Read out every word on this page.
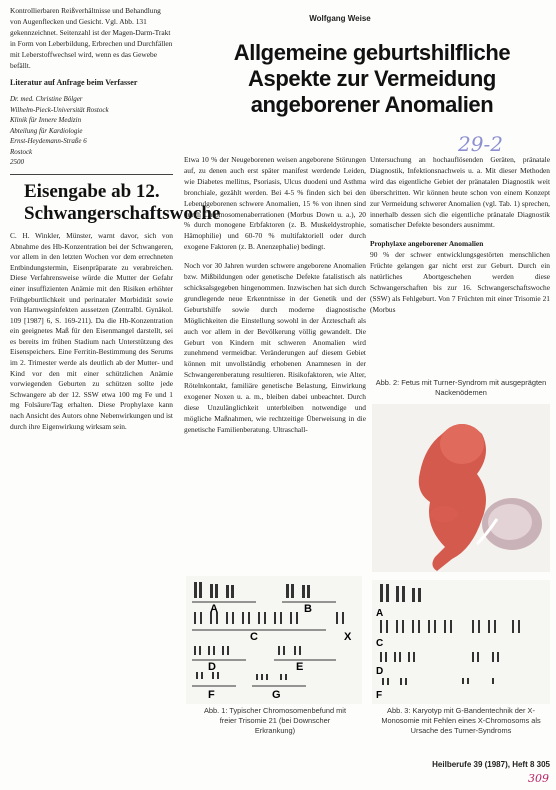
Kontrollierbaren Reißverhältnisse und Behandlung von Augenflecken und Gesicht. Vgl. Abb. 131 gekennzeichnet. Seitenzahl ist der Magen-Darm-Trakt in Form von Leberbildung, Erbrechen und Durchfällen mit Leberstoffwechsel wird, wenn es das Gewebe befällt.

Literatur auf Anfrage beim Verfasser
Dr. med. Christine Bölger
Wilhelm-Pieck-Universität Rostock
Klinik für Innere Medizin
Abteilung für Kardiologie
Ernst-Heydemann-Straße 6
Rostock
2500
Eisengabe ab 12. Schwangerschaftswoche
C. H. Winkler, Münster, warnt davor, sich von Abnahme des Hb-Konzentration bei der Schwangeren, vor allem in den letzten Wochen vor dem errechneten Entbindungstermin, Eisenpräparate zu verabreichen. Diese Verfahrensweise würde die Mutter der Gefahr einer insuffizienten Anämie mit den Risiken erhöhter Frühgeburtlichkeit und perinataler Morbidität sowie von Harnwegsinfekten aussetzen (Zentralbl. Gynäkol. 109 [1987] 6, S. 169-211). Da die Hb-Konzentration ein geeignetes Maß für den Eisenmangel darstellt, sei es bereits im frühen Stadium nach Unterstützung des Eisenspeichers. Eine Ferritin-Bestimmung des Serums im 2. Trimester werde als deutlich ab der Mutter- und Kind vor den mit einer schützlichen Anämie vorwiegenden Geburten zu schützen sollte jede Schwangere ab der 12. SSW etwa 100 mg Fe und 1 mg Folsäure/Tag erhalten. Diese Prophylaxe kann nach Ansicht des Autors ohne Nebenwirkungen und ist durch ihre Eigenwirkung wirksam sein.
Wolfgang Weise
Allgemeine geburtshilfliche Aspekte zur Vermeidung angeborener Anomalien
29-2

Etwa 10 % der Neugeborenen weisen angeborene Störungen auf, zu denen auch erst später manifest werdende Leiden, wie Diabetes mellitus, Psoriasis, Ulcus duodeni und Asthma bronchiale, gezählt werden. Bei 4-5 % finden sich bei den Lebendgeborenen schwere Anomalien, 15 % von ihnen sind durch Chromosomenaberrationen (Morbus Down u. a.), 20 % durch monogene Erbfaktoren (z. B. Muskeldystrophie, Hämophilie) und 60-70 % multifaktoriell oder durch exogene Faktoren (z. B. Anenzephalie) bedingt.

Noch vor 30 Jahren wurden schwere angeborene Anomalien bzw. Mißbildungen oder genetische Defekte fatalistisch als schicksalsgegeben hingenommen. Inzwischen hat sich durch grundlegende neue Erkenntnisse in der Genetik und der Geburtshilfe sowie durch moderne diagnostische Möglichkeiten die Einstellung sowohl in der Ärzteschaft als auch vor allem in der Bevölkerung völlig gewandelt. Die Geburt von Kindern mit schweren Anomalien wird zunehmend vermeidbar. Veränderungen auf diesem Gebiet können mit unvollständig erhobenen Anamnesen in der Schwangerenberatung resultieren. Risikofaktoren, wie Alter, Rötelnkontakt, familiäre genetische Belastung, Einwirkung exogener Noxen u. a. m., bleiben dabei unbeachtet. Durch diese Unzulänglichkeit unterbleiben notwendige und mögliche Maßnahmen, wie rechtzeitige Überweisung in die genetische Familienberatung. Ultraschall-

Untersuchung an hochauflösenden Geräten, pränatale Diagnostik, Infektionsnachweis u. a. Mit dieser Methoden wird das eigentliche Gebiet der pränatalen Diagnostik weit überschritten. Wir können heute schon von einem Konzept zur Vermeidung schwerer Anomalien (vgl. Tab. 1) sprechen, innerhalb dessen sich die eigentliche pränatale Diagnostik somatischer Defekte besonders ausnimmt.

Prophylaxe angeborener Anomalien

90 % der schwer entwicklungsgestörten menschlichen Früchte gelangen gar nicht erst zur Geburt. Durch ein natürliches Abortgeschehen werden diese Schwangerschaften bis zur 16. Schwangerschaftswoche (SSW) als Fehlgeburt. Von 7 Früchten mit einer Trisomie 21 (Morbus

Abb. 2: Fetus mit Turner-Syndrom mit ausgeprägten Nackenödemen
A	B
C	X
D	E
F	G
Abb. 1: Typischer Chromosomenbefund mit freier Trisomie 21 (bei Downscher Erkrankung)
A
C
D
F
Abb. 3: Karyotyp mit G-Bandentechnik der X-Monosomie mit Fehlen eines X-Chromosoms als Ursache des Turner-Syndroms
Heilberufe 39 (1987), Heft 8 305
309
